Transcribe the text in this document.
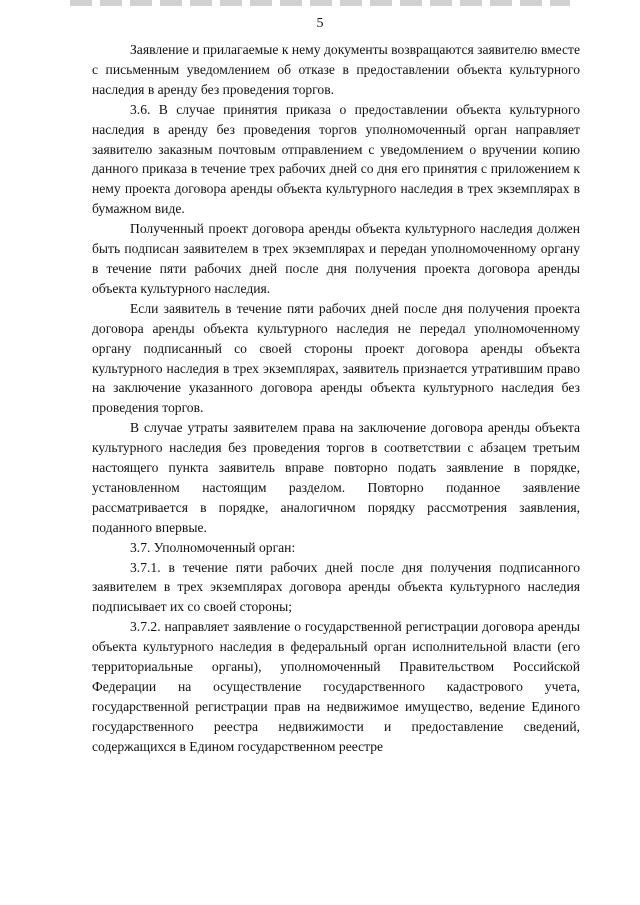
5

Заявление и прилагаемые к нему документы возвращаются заявителю вместе с письменным уведомлением об отказе в предоставлении объекта культурного наследия в аренду без проведения торгов.

3.6. В случае принятия приказа о предоставлении объекта культурного наследия в аренду без проведения торгов уполномоченный орган направляет заявителю заказным почтовым отправлением с уведомлением о вручении копию данного приказа в течение трех рабочих дней со дня его принятия с приложением к нему проекта договора аренды объекта культурного наследия в трех экземплярах в бумажном виде.

Полученный проект договора аренды объекта культурного наследия должен быть подписан заявителем в трех экземплярах и передан уполномоченному органу в течение пяти рабочих дней после дня получения проекта договора аренды объекта культурного наследия.

Если заявитель в течение пяти рабочих дней после дня получения проекта договора аренды объекта культурного наследия не передал уполномоченному органу подписанный со своей стороны проект договора аренды объекта культурного наследия в трех экземплярах, заявитель признается утратившим право на заключение указанного договора аренды объекта культурного наследия без проведения торгов.

В случае утраты заявителем права на заключение договора аренды объекта культурного наследия без проведения торгов в соответствии с абзацем третьим настоящего пункта заявитель вправе повторно подать заявление в порядке, установленном настоящим разделом. Повторно поданное заявление рассматривается в порядке, аналогичном порядку рассмотрения заявления, поданного впервые.

3.7. Уполномоченный орган:

3.7.1. в течение пяти рабочих дней после дня получения подписанного заявителем в трех экземплярах договора аренды объекта культурного наследия подписывает их со своей стороны;

3.7.2. направляет заявление о государственной регистрации договора аренды объекта культурного наследия в федеральный орган исполнительной власти (его территориальные органы), уполномоченный Правительством Российской Федерации на осуществление государственного кадастрового учета, государственной регистрации прав на недвижимое имущество, ведение Единого государственного реестра недвижимости и предоставление сведений, содержащихся в Едином государственном реестре
